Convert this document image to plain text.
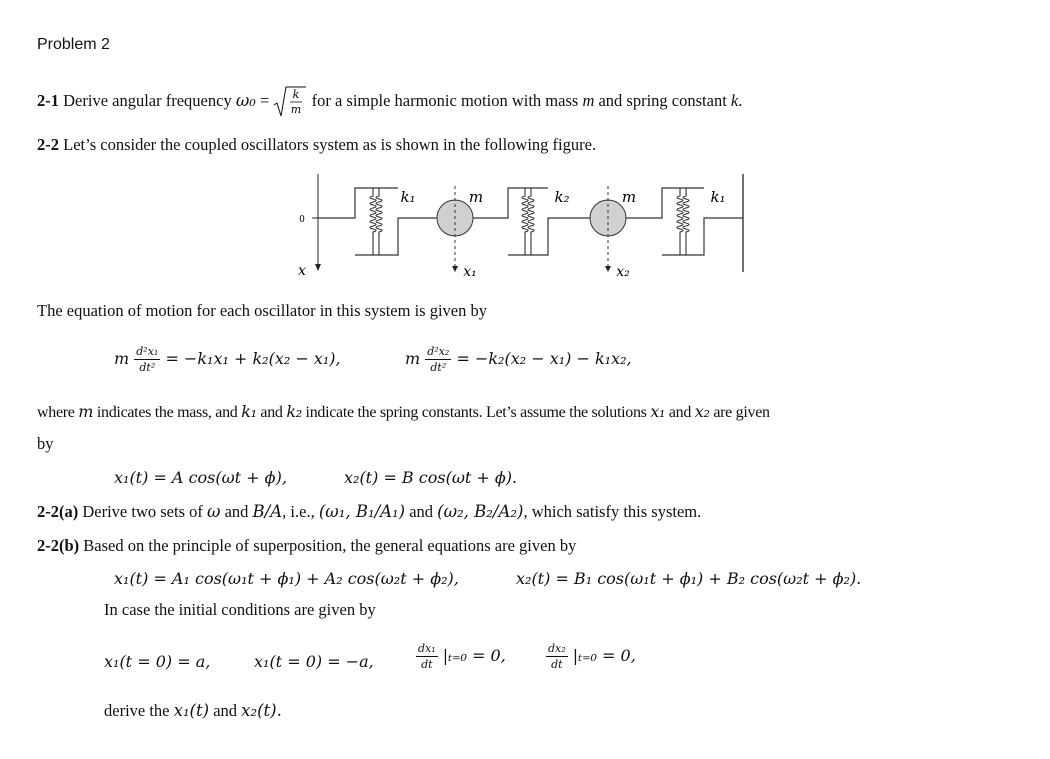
Problem 2
2-1 Derive angular frequency ω₀ = k
m for a simple harmonic motion with mass m and spring constant k.
2-2 Let’s consider the coupled oscillators system as is shown in the following figure.
0
x
k₁	m
x₁
k₂	m
x₂
k₁
The equation of motion for each oscillator in this system is given by
m $\frac{\text{d²x₁}}{\text{dt²}} = -k_1x_1 + k_2(x_2 - x_1)$,	m $\frac{\text{d²x₂}}{\text{dt²}} = -k_2(x_2 - x_1) - k_1x_2$,
where m indicates the mass, and k₁ and k₂ indicate the spring constants. Let’s assume the solutions x₁ and x₂ are given
by
x₁(t) = A cos(ωt + ϕ),	x₂(t) = B cos(ωt + ϕ).
2-2(a) Derive two sets of ω and B/A, i.e., (ω₁, B₁/A₁) and (ω₂, B₂/A₂), which satisfy this system.
2-2(b) Based on the principle of superposition, the general equations are given by
x₁(t) = A₁ cos(ω₁t + ϕ₁) + A₂ cos(ω₂t + ϕ₂),	x₂(t) = B₁ cos(ω₁t + ϕ₁) + B₂ cos(ω₂t + ϕ₂).
In case the initial conditions are given by
x₁(t = 0) = a,	x₁(t = 0) = −a,	$\frac{\text{dx₁}}{dt} |_{t=0} = 0$,	$\frac{\text{dx₂}}{dt} |_{t=0} = 0$,
derive the x₁(t) and x₂(t).
